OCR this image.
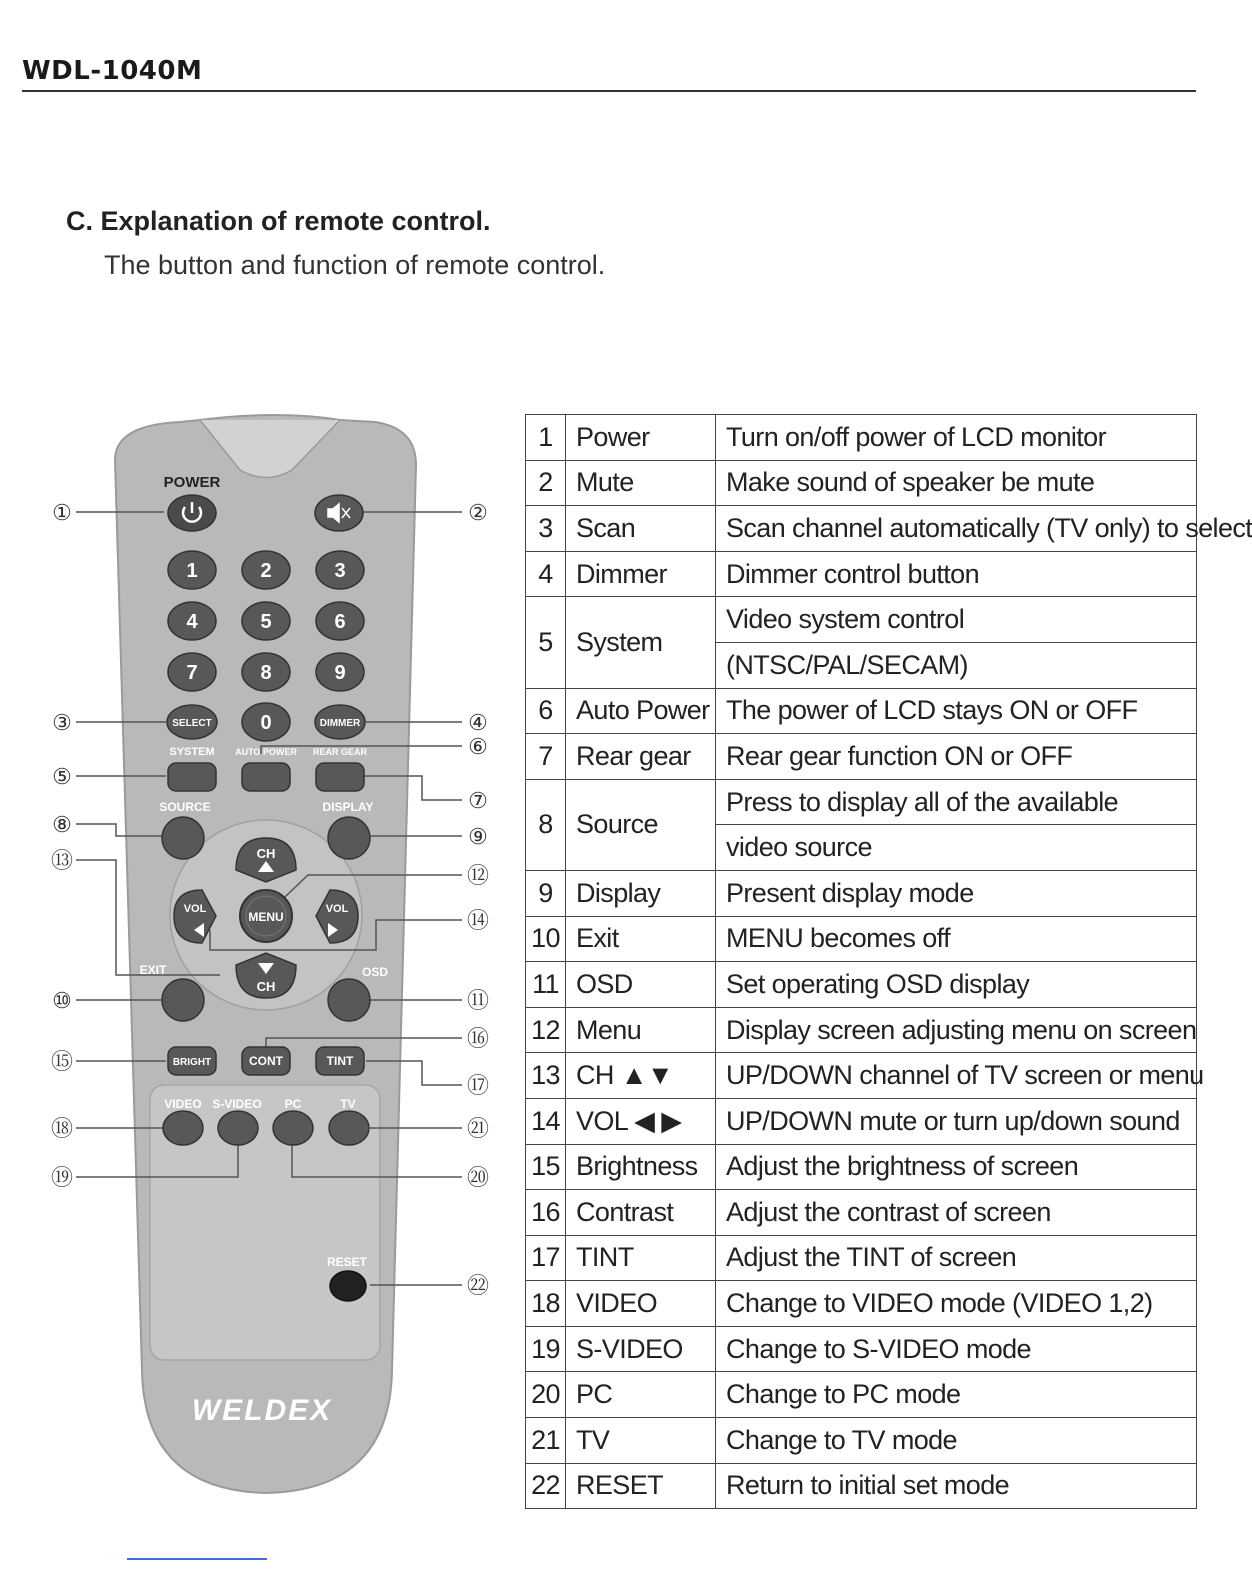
WDL-1040M
C. Explanation of remote control.
The button and function of remote control.
①	②
③	④
⑥
⑤
⑦
⑧	⑨
⑬
⑫
⑭
⑩	⑪
⑯
⑮
⑰
⑱	㉑
⑲	⑳
㉒
POWER
1	2	3
4	5	6
7	8	9
0
SELECT	DIMMER
SYSTEM AUTO POWER REAR GEAR
SOURCE	DISPLAY
CH
CH
VOL	VOL
MENU
EXIT	OSD
BRIGHT	CONT	TINT
VIDEO S-VIDEO PC	TV
RESET
WELDEX
1	Power	Turn on/off power of LCD monitor
2	Mute	Make sound of speaker be mute
3	Scan	Scan channel automatically (TV only) to select
4	Dimmer	Dimmer control button
5	System	Video system control
		(NTSC/PAL/SECAM)
6	Auto Power	The power of LCD stays ON or OFF
7	Rear gear	Rear gear function ON or OFF
8	Source	Press to display all of the available
		video source
9	Display	Present display mode
10	Exit	MENU becomes off
11	OSD	Set operating OSD display
12	Menu	Display screen adjusting menu on screen
13	CH ▲▼	UP/DOWN channel of TV screen or menu
14	VOL ◀ ▶	UP/DOWN mute or turn up/down sound
15	Brightness	Adjust the brightness of screen
16	Contrast	Adjust the contrast of screen
17	TINT	Adjust the TINT of screen
18	VIDEO	Change to VIDEO mode (VIDEO 1,2)
19	S-VIDEO	Change to S-VIDEO mode
20	PC	Change to PC mode
21	TV	Change to TV mode
22	RESET	Return to initial set mode
